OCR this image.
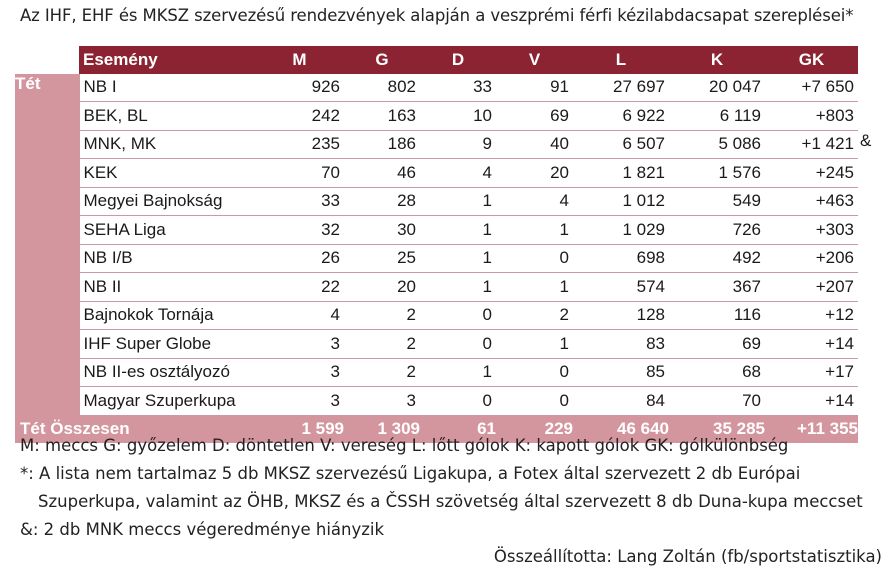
Az IHF, EHF és MKSZ szervezésű rendezvények alapján a veszprémi férfi kézilabdacsapat szereplései*
	Esemény	M	G	D	V	L	K	GK
Tét	NB I	926	802	33	91	27 697	20 047	+7 650
	BEK, BL	242	163	10	69	6 922	6 119	+803
	MNK, MK	235	186	9	40	6 507	5 086	+1 421
	KEK	70	46	4	20	1 821	1 576	+245
	Megyei Bajnokság	33	28	1	4	1 012	549	+463
	SEHA Liga	32	30	1	1	1 029	726	+303
	NB I/B	26	25	1	0	698	492	+206
	NB II	22	20	1	1	574	367	+207
	Bajnokok Tornája	4	2	0	2	128	116	+12
	IHF Super Globe	3	2	0	1	83	69	+14
	NB II-es osztályozó	3	2	1	0	85	68	+17
	Magyar Szuperkupa	3	3	0	0	84	70	+14
Tét Összesen		1 599	1 309	61	229	46 640	35 285	+11 355
&
M: meccs G: győzelem D: döntetlen V: vereség L: lőtt gólok K: kapott gólok GK: gólkülönbség
*: A lista nem tartalmaz 5 db MKSZ szervezésű Ligakupa, a Fotex által szervezett 2 db Európai
Szuperkupa, valamint az ÖHB, MKSZ és a ČSSH szövetség által szervezett 8 db Duna-kupa meccset
&: 2 db MNK meccs végeredménye hiányzik
Összeállította: Lang Zoltán (fb/sportstatisztika)
